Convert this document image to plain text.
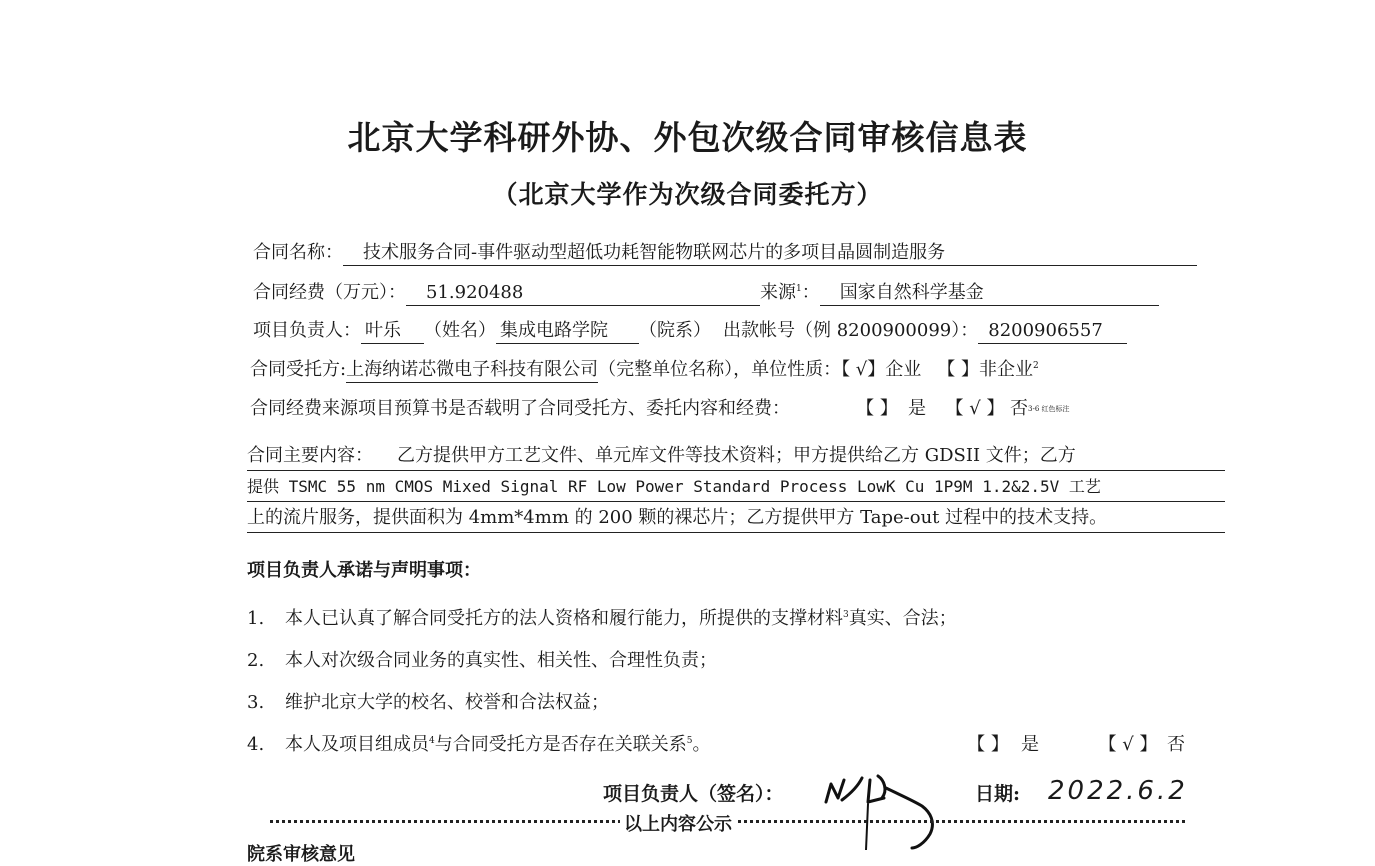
北京大学科研外协、外包次级合同审核信息表
（北京大学作为次级合同委托方）
合同名称： 技术服务合同-事件驱动型超低功耗智能物联网芯片的多项目晶圆制造服务
合同经费（万元）： 51.920488	来源$^1$： 国家自然科学基金
项目负责人： 叶乐 （姓名） 集成电路学院 （院系） 出款帐号（例 8200900099）： 8200906557
合同受托方:上海纳诺芯微电子科技有限公司（完整单位名称），单位性质：【 √】企业 【 】非企业$^2$
合同经费来源项目预算书是否载明了合同受托方、委托内容和经费：	【 】 是 【 √ 】 否$^{3-6 红色标注}$
合同主要内容： 乙方提供甲方工艺文件、单元库文件等技术资料；甲方提供给乙方 GDSII 文件；乙方
提供 TSMC 55 nm CMOS Mixed Signal RF Low Power Standard Process LowK Cu 1P9M 1.2&2.5V 工艺
上的流片服务，提供面积为 4mm*4mm 的 200 颗的裸芯片；乙方提供甲方 Tape-out 过程中的技术支持。
项目负责人承诺与声明事项：
1. 本人已认真了解合同受托方的法人资格和履行能力，所提供的支撑材料$^3$真实、合法；
2. 本人对次级合同业务的真实性、相关性、合理性负责；
3. 维护北京大学的校名、校誉和合法权益；
4. 本人及项目组成员$^4$与合同受托方是否存在关联关系$^5$。	【 】 是	【 √ 】 否
项目负责人（签名）：	日期: 2022.6.2
以上内容公示
院系审核意见
